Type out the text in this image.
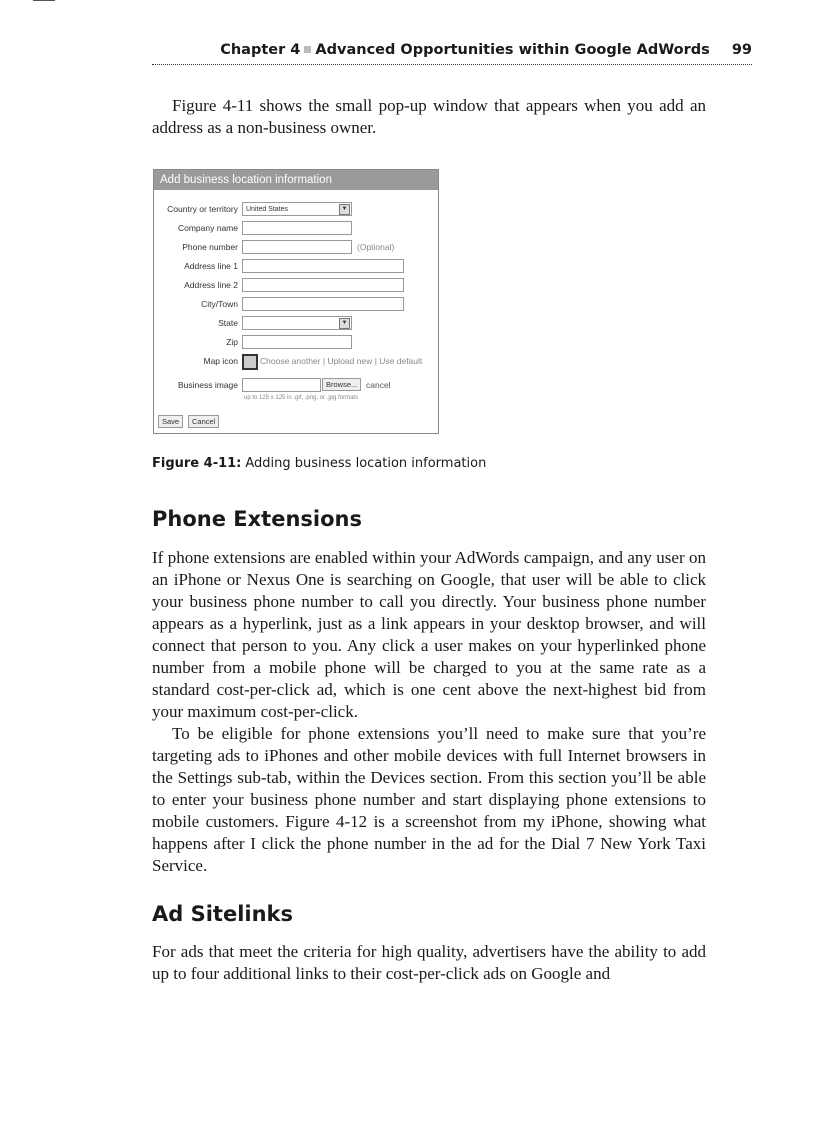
Chapter 4 Advanced Opportunities within Google AdWords 99

Figure 4-11 shows the small pop-up window that appears when you add an address as a non-business owner.

Add business location information
Country or territory	United States	▼
Company name
Phone number	(Optional)
Address line 1
Address line 2
City/Town
State	▼
Zip
Map icon	Choose another | Upload new | Use default
Business image	Browse...	cancel
up to 125 x 125 in .gif, .png, or .jpg formats
Save	Cancel
Figure 4-11: Adding business location information
Phone Extensions

If phone extensions are enabled within your AdWords campaign, and any user on an iPhone or Nexus One is searching on Google, that user will be able to click your business phone number to call you directly. Your business phone number appears as a hyperlink, just as a link appears in your desktop browser, and will connect that person to you. Any click a user makes on your hyperlinked phone number from a mobile phone will be charged to you at the same rate as a standard cost-per-click ad, which is one cent above the next-highest bid from your maximum cost-per-click.

To be eligible for phone extensions you’ll need to make sure that you’re targeting ads to iPhones and other mobile devices with full Internet browsers in the Settings sub-tab, within the Devices section. From this section you’ll be able to enter your business phone number and start displaying phone extensions to mobile customers. Figure 4-12 is a screenshot from my iPhone, showing what happens after I click the phone number in the ad for the Dial 7 New York Taxi Service.

Ad Sitelinks

For ads that meet the criteria for high quality, advertisers have the ability to add up to four additional links to their cost-per-click ads on Google and
